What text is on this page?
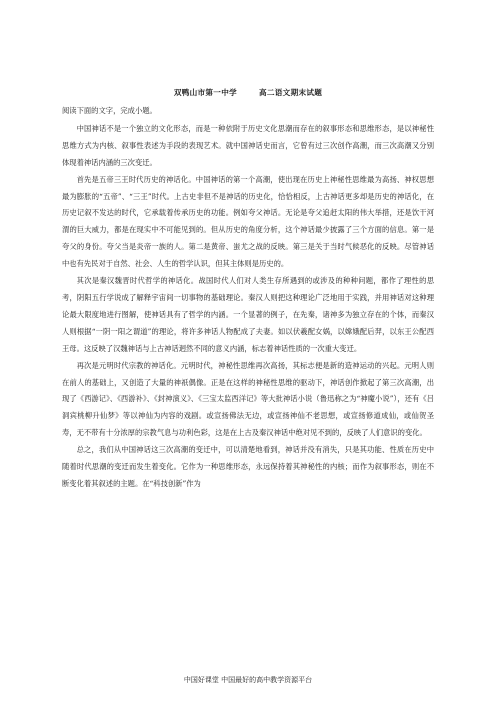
双鸭山市第一中学	高二语文期末试题

阅读下面的文字，完成小题。

中国神话不是一个独立的文化形态，而是一种依附于历史文化思潮而存在的叙事形态和思维形态，是以神秘性思维方式为内核、叙事性表述为手段的表现艺术。就中国神话史而言，它曾有过三次创作高潮，而三次高潮又分别体现着神话内涵的三次变迁。

首先是五帝三王时代历史的神话化。中国神话的第一个高潮，使出现在历史上神秘性思维最为高扬、神权思想最为膨胀的“五帝”、“三王”时代。上古史非但不是神话的历史化，恰恰相反，上古神话更多却是历史的神话化，在历史记叙不发达的时代，它承载着传承历史的功能。例如夸父神话。无论是夸父追赶太阳的伟大举措，还是饮干河渭的巨大威力，都是在现实中不可能见到的。但从历史的角度分析，这个神话最少披露了三个方面的信息。第一是夸父的身份。夸父当是炎帝一族的人。第二是黄帝、蚩尤之战的反映。第三是关于当时气候恶化的反映。尽管神话中也有先民对于自然、社会、人生的哲学认识，但其主体则是历史的。

其次是秦汉魏晋时代哲学的神话化。战国时代人们对人类生存所遇到的或涉及的种种问题，都作了理性的思考，阴阳五行学说成了解释宇宙间一切事物的基础理论。秦汉人则把这种理论广泛地用于实践，并用神话对这种理论最大限度地进行图解，使神话具有了哲学的内涵。一个显著的例子，在先秦，诸神多为独立存在的个体，而秦汉人则根据“一阴一阳之谓道”的理论，将许多神话人物配成了夫妻。如以伏羲配女娲，以嫦娥配后羿，以东王公配西王母。这反映了汉魏神话与上古神话迥然不同的意义内涵，标志着神话性质的一次重大变迁。

再次是元明时代宗教的神话化。元明时代，神秘性思维再次高扬，其标志便是新的造神运动的兴起。元明人则在前人的基础上，又创造了大量的神祇偶像。正是在这样的神秘性思维的驱动下，神话创作掀起了第三次高潮，出现了《西游记》、《西游补》、《封神演义》、《三宝太监西洋记》等大批神话小说（鲁迅称之为“神魔小说”），还有《吕洞宾桃柳升仙梦》等以神仙为内容的戏剧。或宣扬佛法无边，或宣扬神仙不老思想，或宣扬修道成仙，或仙贺圣寿，无不带有十分浓厚的宗教气息与功利色彩，这是在上古及秦汉神话中绝对见不到的，反映了人们意识的变化。

总之，我们从中国神话这三次高潮的变迁中，可以清楚地看到，神话并没有消失，只是其功能、性质在历史中随着时代思潮的变迁而发生着变化。它作为一种思维形态，永远保持着其神秘性的内核；而作为叙事形态，则在不断变化着其叙述的主题。在“科技创新”作为

中国好课堂 中国最好的高中教学资源平台
